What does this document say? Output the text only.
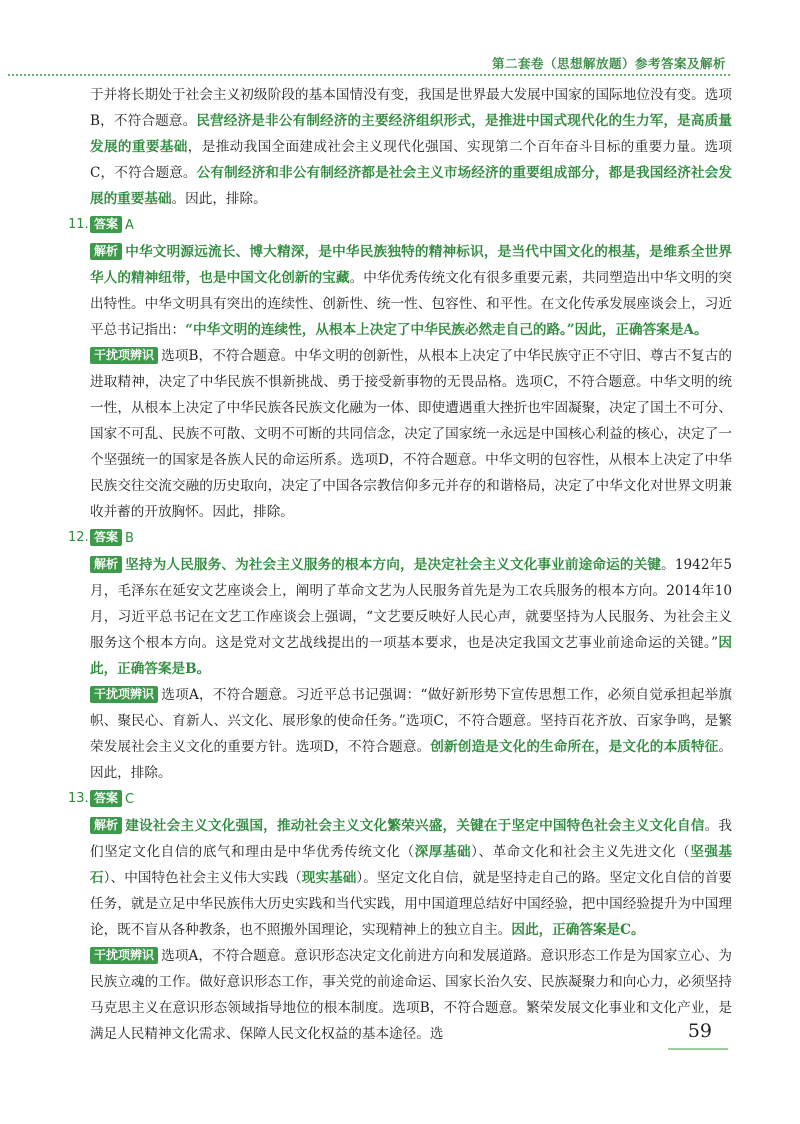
第二套卷（思想解放题）参考答案及解析

于并将长期处于社会主义初级阶段的基本国情没有变，我国是世界最大发展中国家的国际地位没有变。选项B，不符合题意。民营经济是非公有制经济的主要经济组织形式，是推进中国式现代化的生力军，是高质量发展的重要基础，是推动我国全面建成社会主义现代化强国、实现第二个百年奋斗目标的重要力量。选项C，不符合题意。公有制经济和非公有制经济都是社会主义市场经济的重要组成部分，都是我国经济社会发展的重要基础。因此，排除。

11. 答案 A

解析 中华文明源远流长、博大精深，是中华民族独特的精神标识，是当代中国文化的根基，是维系全世界华人的精神纽带，也是中国文化创新的宝藏。中华优秀传统文化有很多重要元素，共同塑造出中华文明的突出特性。中华文明具有突出的连续性、创新性、统一性、包容性、和平性。在文化传承发展座谈会上，习近平总书记指出：“中华文明的连续性，从根本上决定了中华民族必然走自己的路。”因此，正确答案是A。

干扰项辨识 选项B，不符合题意。中华文明的创新性，从根本上决定了中华民族守正不守旧、尊古不复古的进取精神，决定了中华民族不惧新挑战、勇于接受新事物的无畏品格。选项C，不符合题意。中华文明的统一性，从根本上决定了中华民族各民族文化融为一体、即使遭遇重大挫折也牢固凝聚，决定了国土不可分、国家不可乱、民族不可散、文明不可断的共同信念，决定了国家统一永远是中国核心利益的核心，决定了一个坚强统一的国家是各族人民的命运所系。选项D，不符合题意。中华文明的包容性，从根本上决定了中华民族交往交流交融的历史取向，决定了中国各宗教信仰多元并存的和谐格局，决定了中华文化对世界文明兼收并蓄的开放胸怀。因此，排除。

12. 答案 B

解析 坚持为人民服务、为社会主义服务的根本方向，是决定社会主义文化事业前途命运的关键。1942年5月，毛泽东在延安文艺座谈会上，阐明了革命文艺为人民服务首先是为工农兵服务的根本方向。2014年10月，习近平总书记在文艺工作座谈会上强调，“文艺要反映好人民心声，就要坚持为人民服务、为社会主义服务这个根本方向。这是党对文艺战线提出的一项基本要求，也是决定我国文艺事业前途命运的关键。”因此，正确答案是B。

干扰项辨识 选项A，不符合题意。习近平总书记强调：“做好新形势下宣传思想工作，必须自觉承担起举旗帜、聚民心、育新人、兴文化、展形象的使命任务。”选项C，不符合题意。坚持百花齐放、百家争鸣，是繁荣发展社会主义文化的重要方针。选项D，不符合题意。创新创造是文化的生命所在，是文化的本质特征。因此，排除。

13. 答案 C

解析 建设社会主义文化强国，推动社会主义文化繁荣兴盛，关键在于坚定中国特色社会主义文化自信。我们坚定文化自信的底气和理由是中华优秀传统文化（深厚基础）、革命文化和社会主义先进文化（坚强基石）、中国特色社会主义伟大实践（现实基础）。坚定文化自信，就是坚持走自己的路。坚定文化自信的首要任务，就是立足中华民族伟大历史实践和当代实践，用中国道理总结好中国经验，把中国经验提升为中国理论，既不盲从各种教条，也不照搬外国理论，实现精神上的独立自主。因此，正确答案是C。

干扰项辨识 选项A，不符合题意。意识形态决定文化前进方向和发展道路。意识形态工作是为国家立心、为民族立魂的工作。做好意识形态工作，事关党的前途命运、国家长治久安、民族凝聚力和向心力，必须坚持马克思主义在意识形态领域指导地位的根本制度。选项B，不符合题意。繁荣发展文化事业和文化产业，是满足人民精神文化需求、保障人民文化权益的基本途径。选	59
